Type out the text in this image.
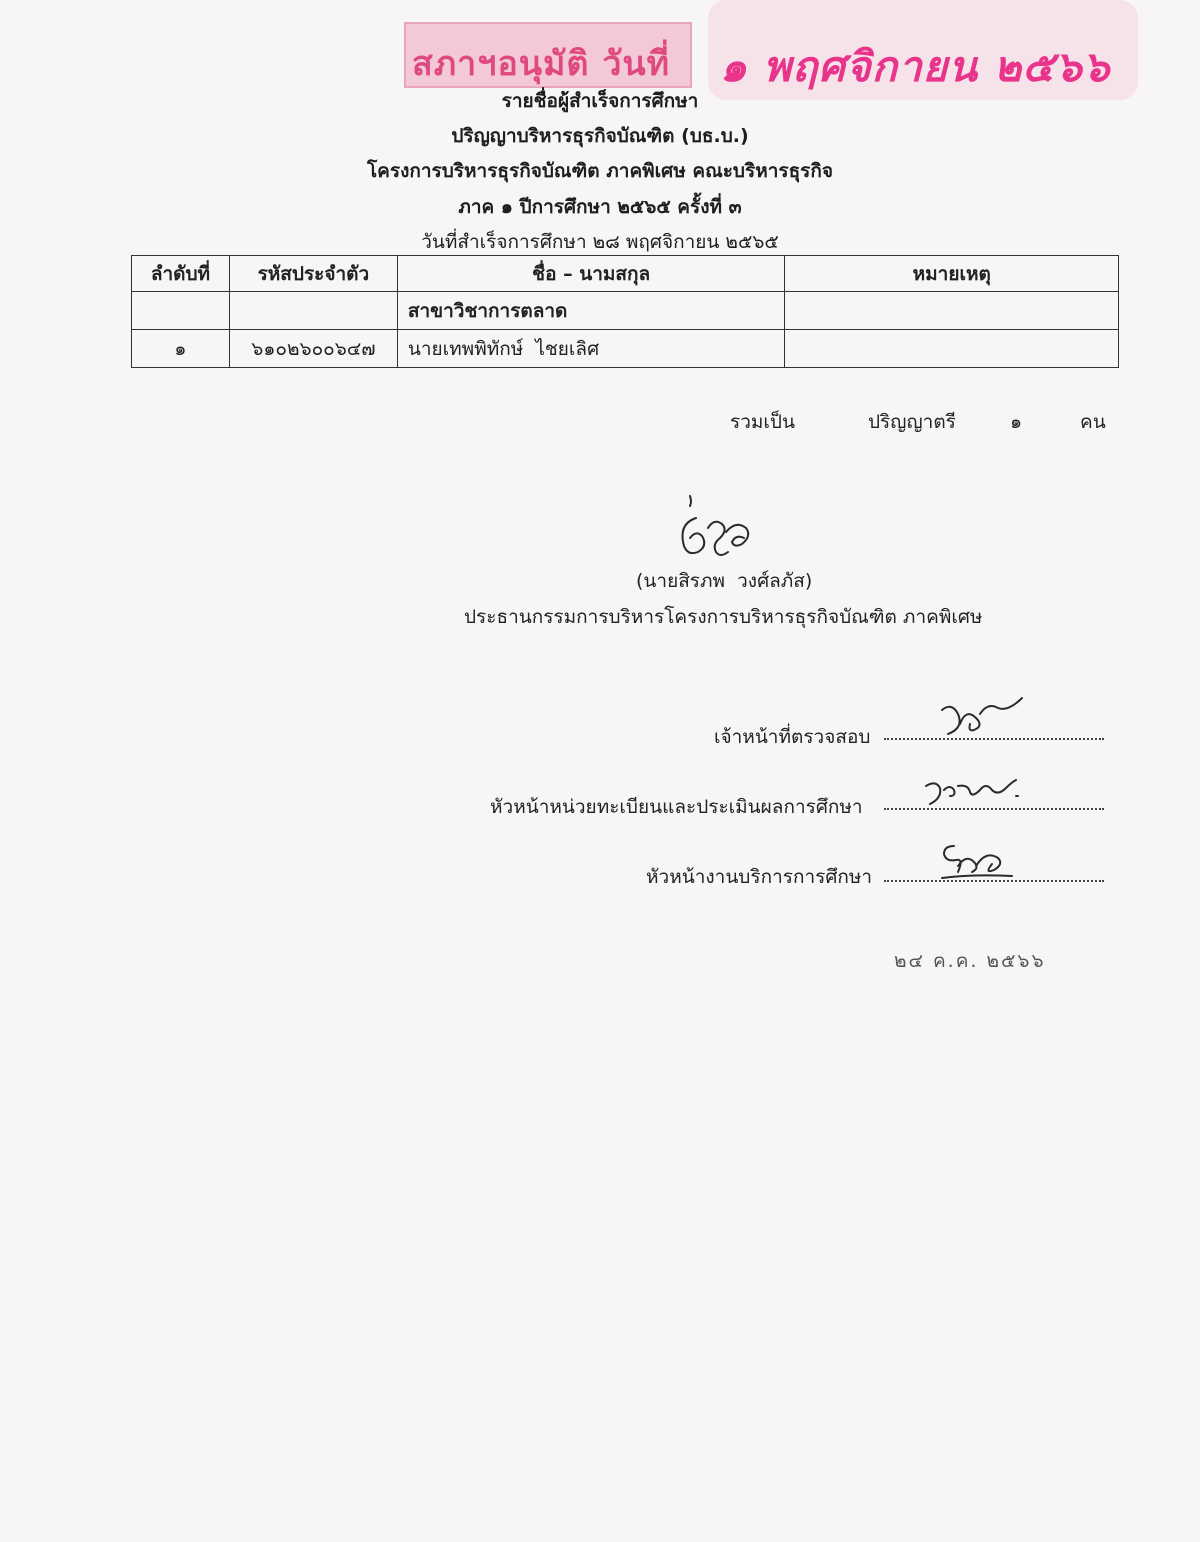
สภาฯอนุมัติ วันที่	๑ พฤศจิกายน ๒๕๖๖
รายชื่อผู้สำเร็จการศึกษา
ปริญญาบริหารธุรกิจบัณฑิต (บธ.บ.)
โครงการบริหารธุรกิจบัณฑิต ภาคพิเศษ คณะบริหารธุรกิจ
ภาค ๑ ปีการศึกษา ๒๕๖๕ ครั้งที่ ๓
วันที่สำเร็จการศึกษา ๒๘ พฤศจิกายน ๒๕๖๕
ลำดับที่	รหัสประจำตัว	ชื่อ – นามสกุล	หมายเหตุ
		สาขาวิชาการตลาด	
๑	๖๑๐๒๖๐๐๖๔๗	นายเทพพิทักษ์  ไชยเลิศ	
รวมเป็น	ปริญญาตรี	๑	คน
(นายสิรภพ  วงศ์ลภัส)
ประธานกรรมการบริหารโครงการบริหารธุรกิจบัณฑิต ภาคพิเศษ
เจ้าหน้าที่ตรวจสอบ
หัวหน้าหน่วยทะเบียนและประเมินผลการศึกษา
หัวหน้างานบริการการศึกษา
๒๔ ค.ค. ๒๕๖๖
